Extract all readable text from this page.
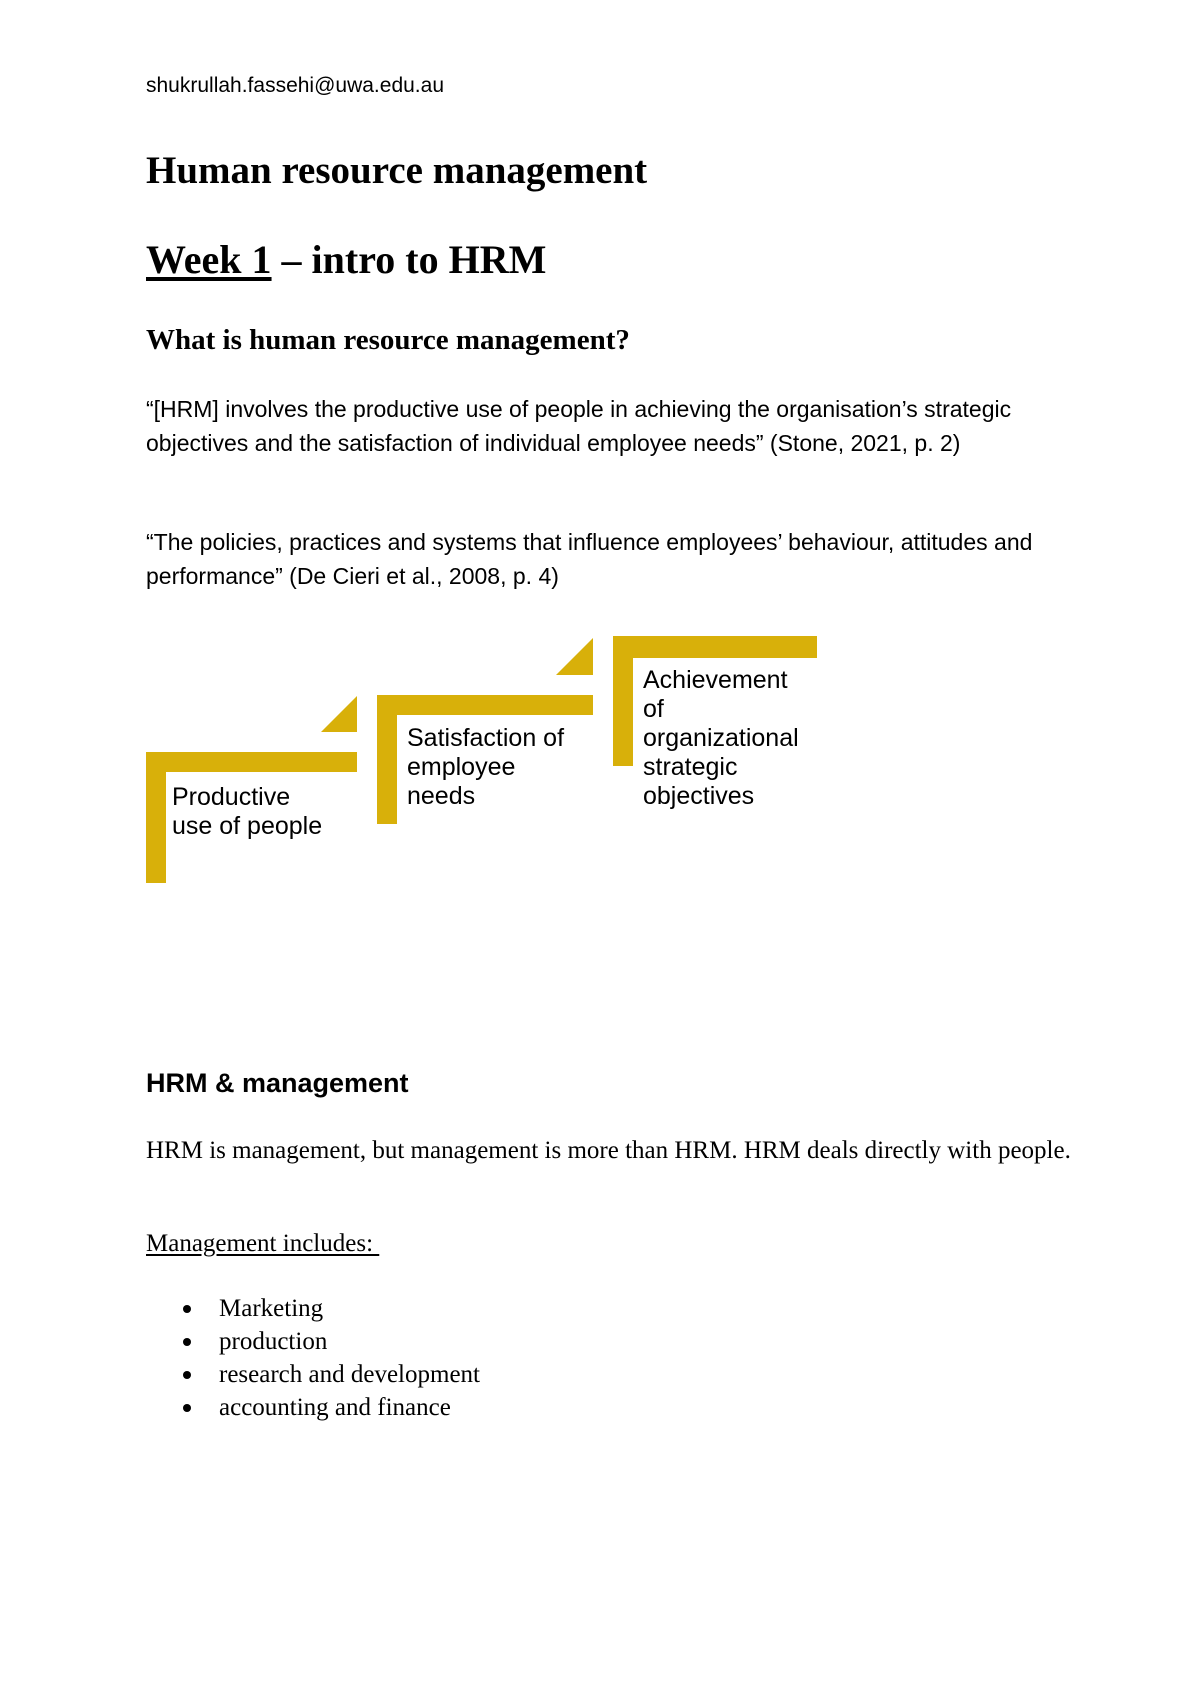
shukrullah.fassehi@uwa.edu.au
Human resource management
Week 1 – intro to HRM
What is human resource management?

“[HRM] involves the productive use of people in achieving the organisation’s strategic objectives and the satisfaction of individual employee needs” (Stone, 2021, p. 2)

“The policies, practices and systems that influence employees’ behaviour, attitudes and performance” (De Cieri et al., 2008, p. 4)

Productive
use of people
Satisfaction of
employee
needs
Achievement
of
organizational
strategic
objectives
HRM & management

HRM is management, but management is more than HRM. HRM deals directly with people.

Management includes:

Marketing
production
research and development
accounting and finance
